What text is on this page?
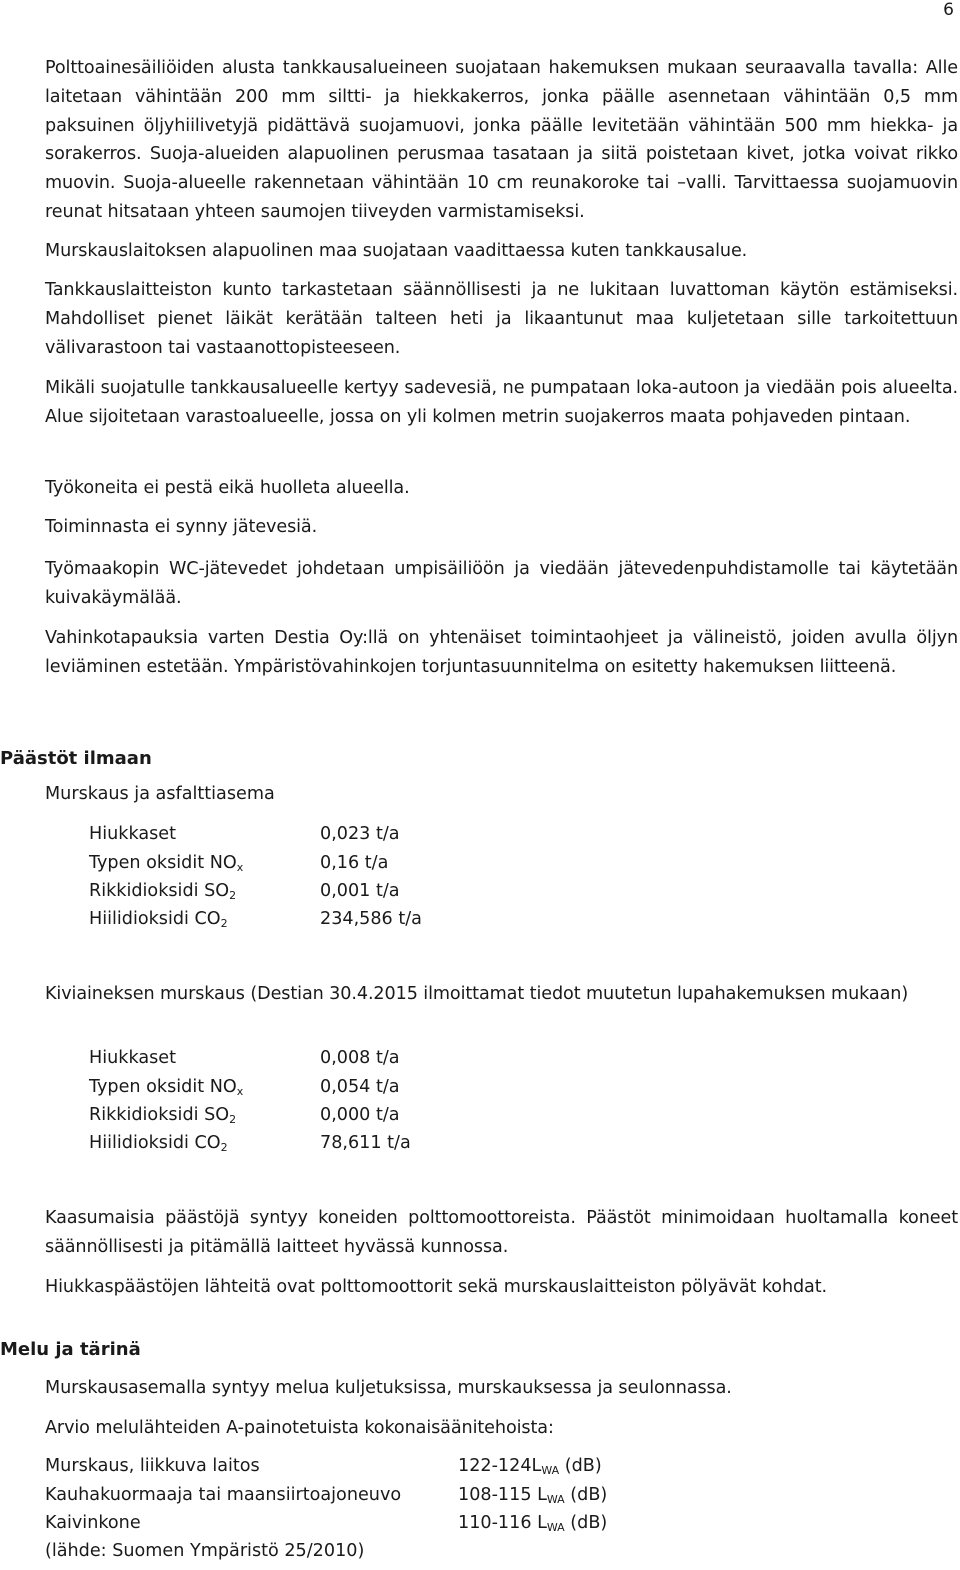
6

Polttoainesäiliöiden alusta tankkausalueineen suojataan hakemuksen mukaan seuraavalla tavalla: Alle laitetaan vähintään 200 mm siltti- ja hiekkakerros, jonka päälle asennetaan vähintään 0,5 mm paksuinen öljyhiilivetyjä pidättävä suojamuovi, jonka päälle levitetään vähintään 500 mm hiekka- ja sorakerros. Suoja-alueiden alapuolinen perusmaa tasataan ja siitä poistetaan kivet, jotka voivat rikko muovin. Suoja-alueelle rakennetaan vähintään 10 cm reunakoroke tai –valli. Tarvittaessa suojamuovin reunat hitsataan yhteen saumojen tiiveyden varmistamiseksi.

Murskauslaitoksen alapuolinen maa suojataan vaadittaessa kuten tankkausalue.

Tankkauslaitteiston kunto tarkastetaan säännöllisesti ja ne lukitaan luvattoman käytön estämiseksi. Mahdolliset pienet läikät kerätään talteen heti ja likaantunut maa kuljetetaan sille tarkoitettuun välivarastoon tai vastaanottopisteeseen.

Mikäli suojatulle tankkausalueelle kertyy sadevesiä, ne pumpataan loka-autoon ja viedään pois alueelta. Alue sijoitetaan varastoalueelle, jossa on yli kolmen metrin suojakerros maata pohjaveden pintaan.

Työkoneita ei pestä eikä huolleta alueella.

Toiminnasta ei synny jätevesiä.

Työmaakopin WC-jätevedet johdetaan umpisäiliöön ja viedään jätevedenpuhdistamolle tai käytetään kuivakäymälää.

Vahinkotapauksia varten Destia Oy:llä on yhtenäiset toimintaohjeet ja välineistö, joiden avulla öljyn leviäminen estetään. Ympäristövahinkojen torjuntasuunnitelma on esitetty hakemuksen liitteenä.

Päästöt ilmaan
Murskaus ja asfalttiasema
Hiukkaset	0,023 t/a
Typen oksidit $NO_x$	0,16 t/a
Rikkidioksidi $SO_2$	0,001 t/a
Hiilidioksidi $CO_2$	234,586 t/a

Kiviaineksen murskaus (Destian 30.4.2015 ilmoittamat tiedot muutetun lupahakemuksen mukaan)

Hiukkaset	0,008 t/a
Typen oksidit $NO_x$	0,054 t/a
Rikkidioksidi $SO_2$	0,000 t/a
Hiilidioksidi $CO_2$	78,611 t/a

Kaasumaisia päästöjä syntyy koneiden polttomoottoreista. Päästöt minimoidaan huoltamalla koneet säännöllisesti ja pitämällä laitteet hyvässä kunnossa.

Hiukkaspäästöjen lähteitä ovat polttomoottorit sekä murskauslaitteiston pölyävät kohdat.

Melu ja tärinä

Murskausasemalla syntyy melua kuljetuksissa, murskauksessa ja seulonnassa.

Arvio melulähteiden A-painotetuista kokonaisäänitehoista:

Murskaus, liikkuva laitos	$122-124L_{WA}$ (dB)
Kauhakuormaaja tai maansiirtoajoneuvo	108-115 $L_{WA}$ (dB)
Kaivinkone	110-116 $L_{WA}$ (dB)
(lähde: Suomen Ympäristö 25/2010)
